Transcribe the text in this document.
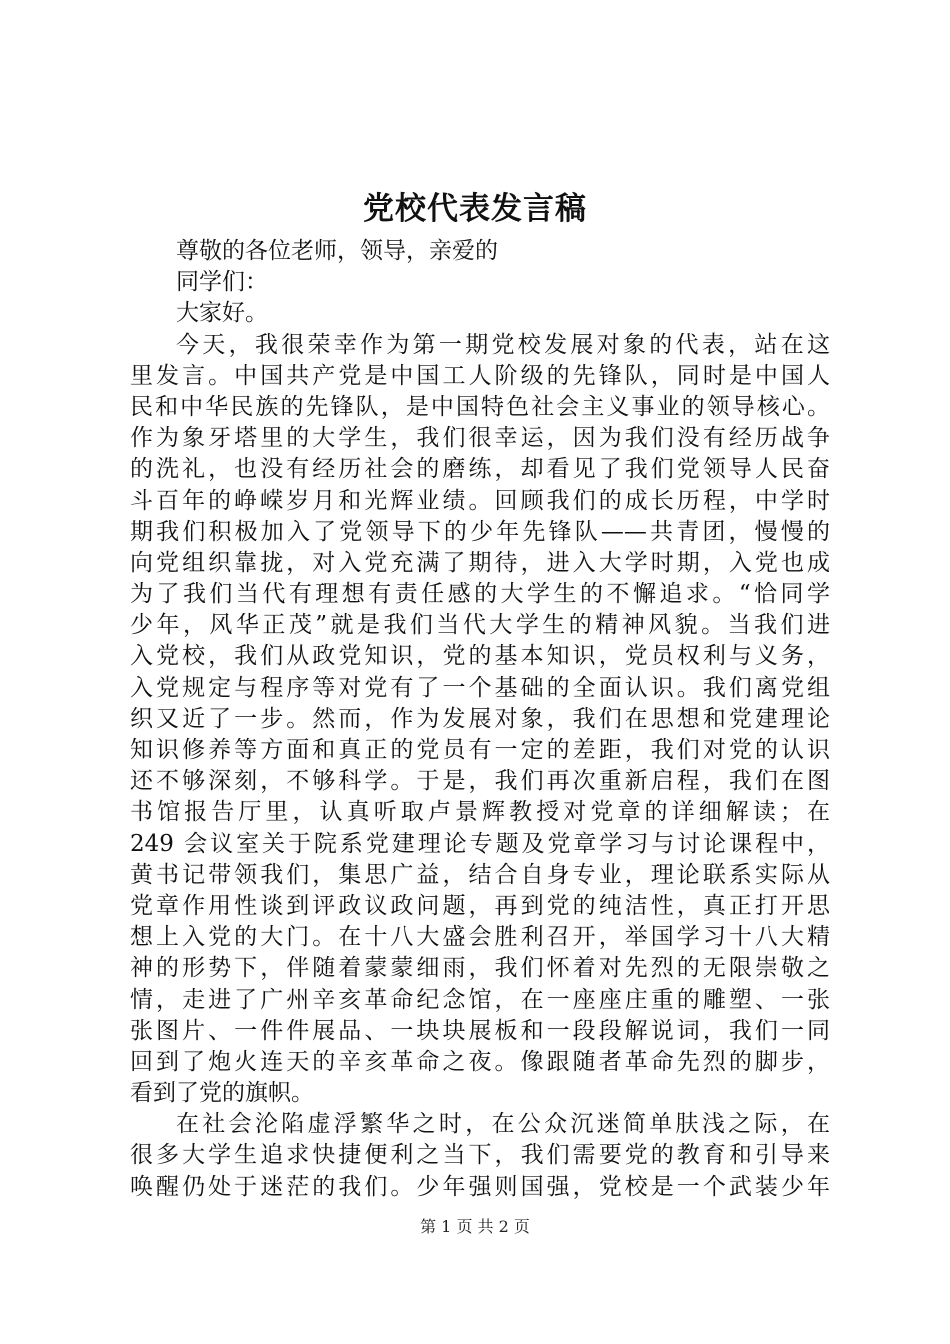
党校代表发言稿
尊敬的各位老师，领导，亲爱的
同学们：
大家好。
今天，我很荣幸作为第一期党校发展对象的代表，站在这
里发言。中国共产党是中国工人阶级的先锋队，同时是中国人
民和中华民族的先锋队，是中国特色社会主义事业的领导核心。
作为象牙塔里的大学生，我们很幸运，因为我们没有经历战争
的洗礼，也没有经历社会的磨练，却看见了我们党领导人民奋
斗百年的峥嵘岁月和光辉业绩。回顾我们的成长历程，中学时
期我们积极加入了党领导下的少年先锋队——共青团，慢慢的
向党组织靠拢，对入党充满了期待，进入大学时期，入党也成
为了我们当代有理想有责任感的大学生的不懈追求。“恰同学
少年，风华正茂”就是我们当代大学生的精神风貌。当我们进
入党校，我们从政党知识，党的基本知识，党员权利与义务，
入党规定与程序等对党有了一个基础的全面认识。我们离党组
织又近了一步。然而，作为发展对象，我们在思想和党建理论
知识修养等方面和真正的党员有一定的差距，我们对党的认识
还不够深刻，不够科学。于是，我们再次重新启程，我们在图
书馆报告厅里，认真听取卢景辉教授对党章的详细解读；在
249 会议室关于院系党建理论专题及党章学习与讨论课程中，
黄书记带领我们，集思广益，结合自身专业，理论联系实际从
党章作用性谈到评政议政问题，再到党的纯洁性，真正打开思
想上入党的大门。在十八大盛会胜利召开，举国学习十八大精
神的形势下，伴随着蒙蒙细雨，我们怀着对先烈的无限崇敬之
情，走进了广州辛亥革命纪念馆，在一座座庄重的雕塑、一张
张图片、一件件展品、一块块展板和一段段解说词，我们一同
回到了炮火连天的辛亥革命之夜。像跟随者革命先烈的脚步，
看到了党的旗帜。
在社会沦陷虚浮繁华之时，在公众沉迷简单肤浅之际，在
很多大学生追求快捷便利之当下，我们需要党的教育和引导来
唤醒仍处于迷茫的我们。少年强则国强，党校是一个武装少年
第 1 页 共 2 页
